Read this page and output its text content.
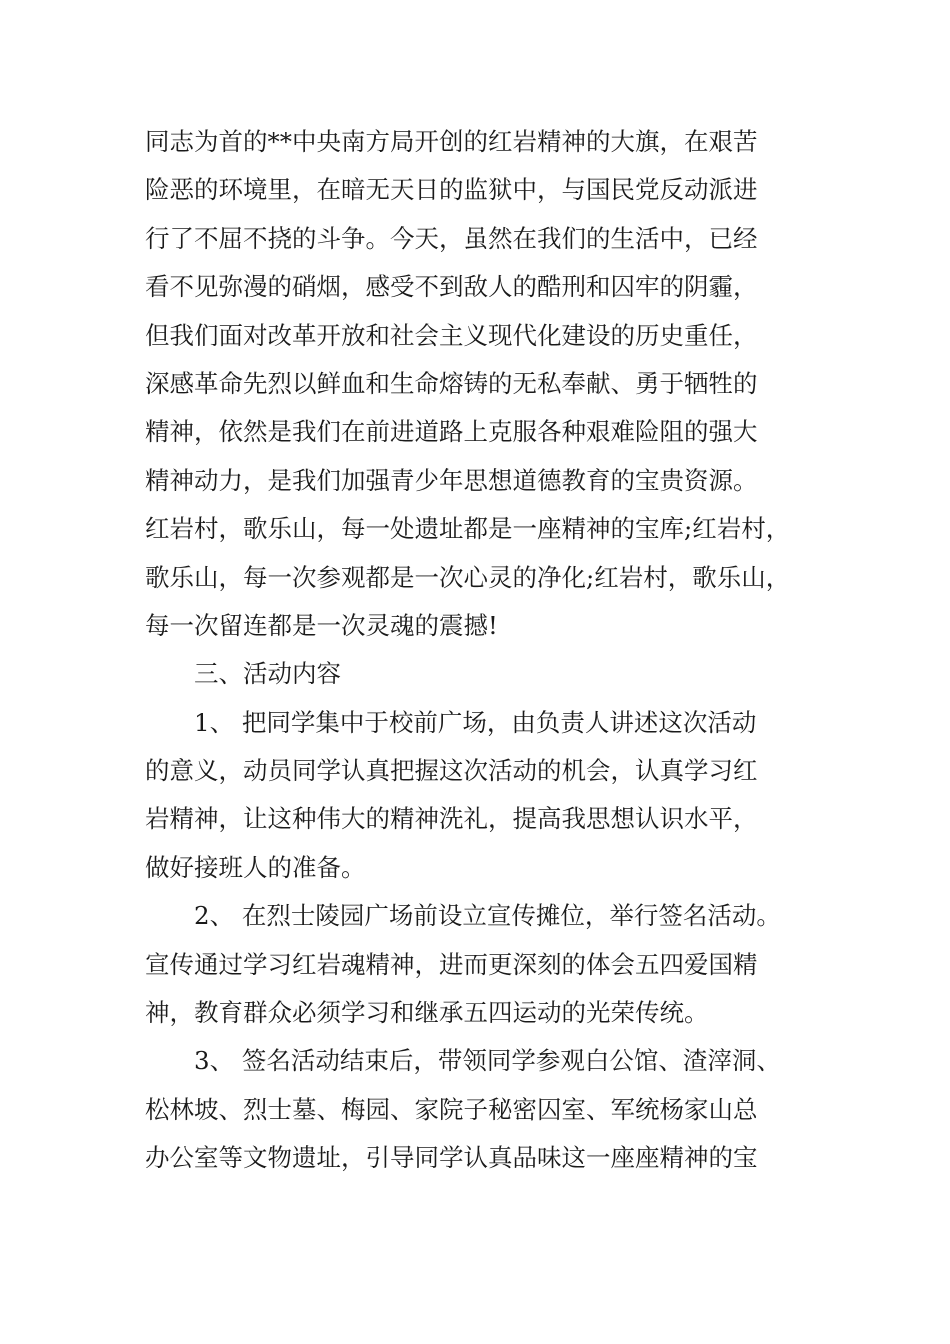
同志为首的**中央南方局开创的红岩精神的大旗，在艰苦
险恶的环境里，在暗无天日的监狱中，与国民党反动派进
行了不屈不挠的斗争。今天，虽然在我们的生活中，已经
看不见弥漫的硝烟，感受不到敌人的酷刑和囚牢的阴霾，
但我们面对改革开放和社会主义现代化建设的历史重任，
深感革命先烈以鲜血和生命熔铸的无私奉献、勇于牺牲的
精神，依然是我们在前进道路上克服各种艰难险阻的强大
精神动力，是我们加强青少年思想道德教育的宝贵资源。
红岩村，歌乐山，每一处遗址都是一座精神的宝库;红岩村，
歌乐山，每一次参观都是一次心灵的净化;红岩村，歌乐山，
每一次留连都是一次灵魂的震撼!
三、活动内容
1、 把同学集中于校前广场，由负责人讲述这次活动
的意义，动员同学认真把握这次活动的机会，认真学习红
岩精神，让这种伟大的精神洗礼，提高我思想认识水平，
做好接班人的准备。
2、 在烈士陵园广场前设立宣传摊位，举行签名活动。
宣传通过学习红岩魂精神，进而更深刻的体会五四爱国精
神，教育群众必须学习和继承五四运动的光荣传统。
3、 签名活动结束后，带领同学参观白公馆、渣滓洞、
松林坡、烈士墓、梅园、家院子秘密囚室、军统杨家山总
办公室等文物遗址，引导同学认真品味这一座座精神的宝
